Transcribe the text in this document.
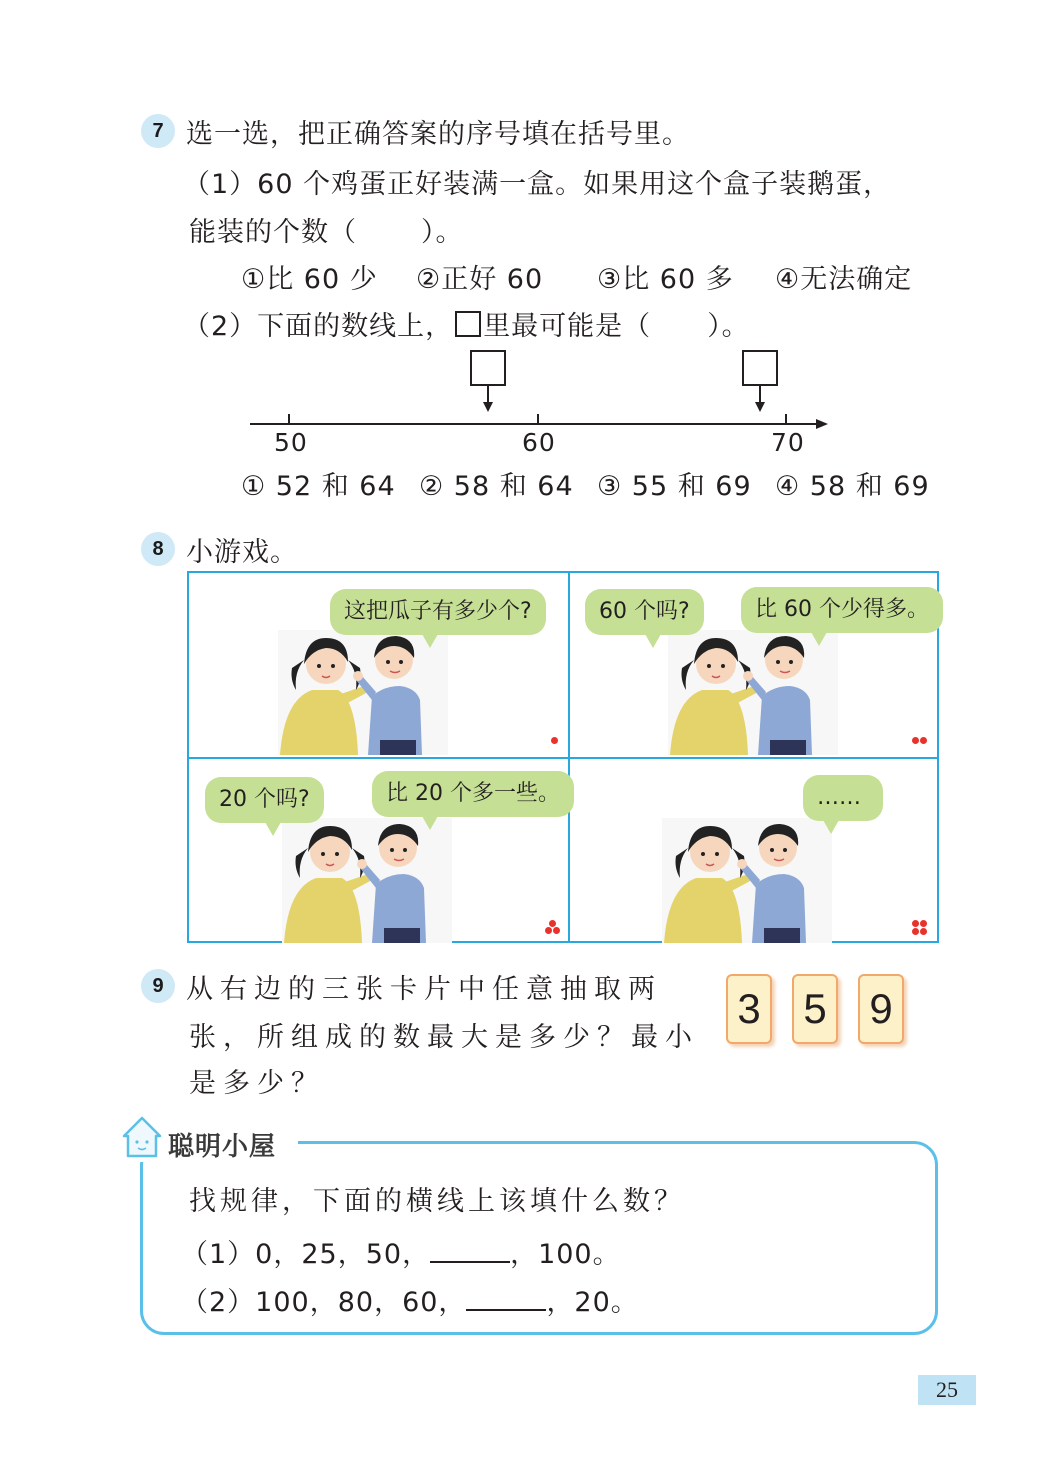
7 选一选，把正确答案的序号填在括号里。
（1）60 个鸡蛋正好装满一盒。如果用这个盒子装鹅蛋，
能装的个数（ ）。
①比 60 少 ②正好 60 ③比 60 多 ④无法确定
（2）下面的数线上， 里最可能是（ ）。
50	60	70
① 52 和 64 ② 58 和 64 ③ 55 和 69 ④ 58 和 69
8 小游戏。
这把瓜子有多少个?	60 个吗?	比 60 个少得多。
20 个吗?	比 20 个多一些。	……
9 从右边的三张卡片中任意抽取两
张，所组成的数最大是多少？最小
是多少？
3 5 9
聪明小屋
找规律，下面的横线上该填什么数？
（1）0，25，50，	，100。
（2）100，80，60，	，20。
25
